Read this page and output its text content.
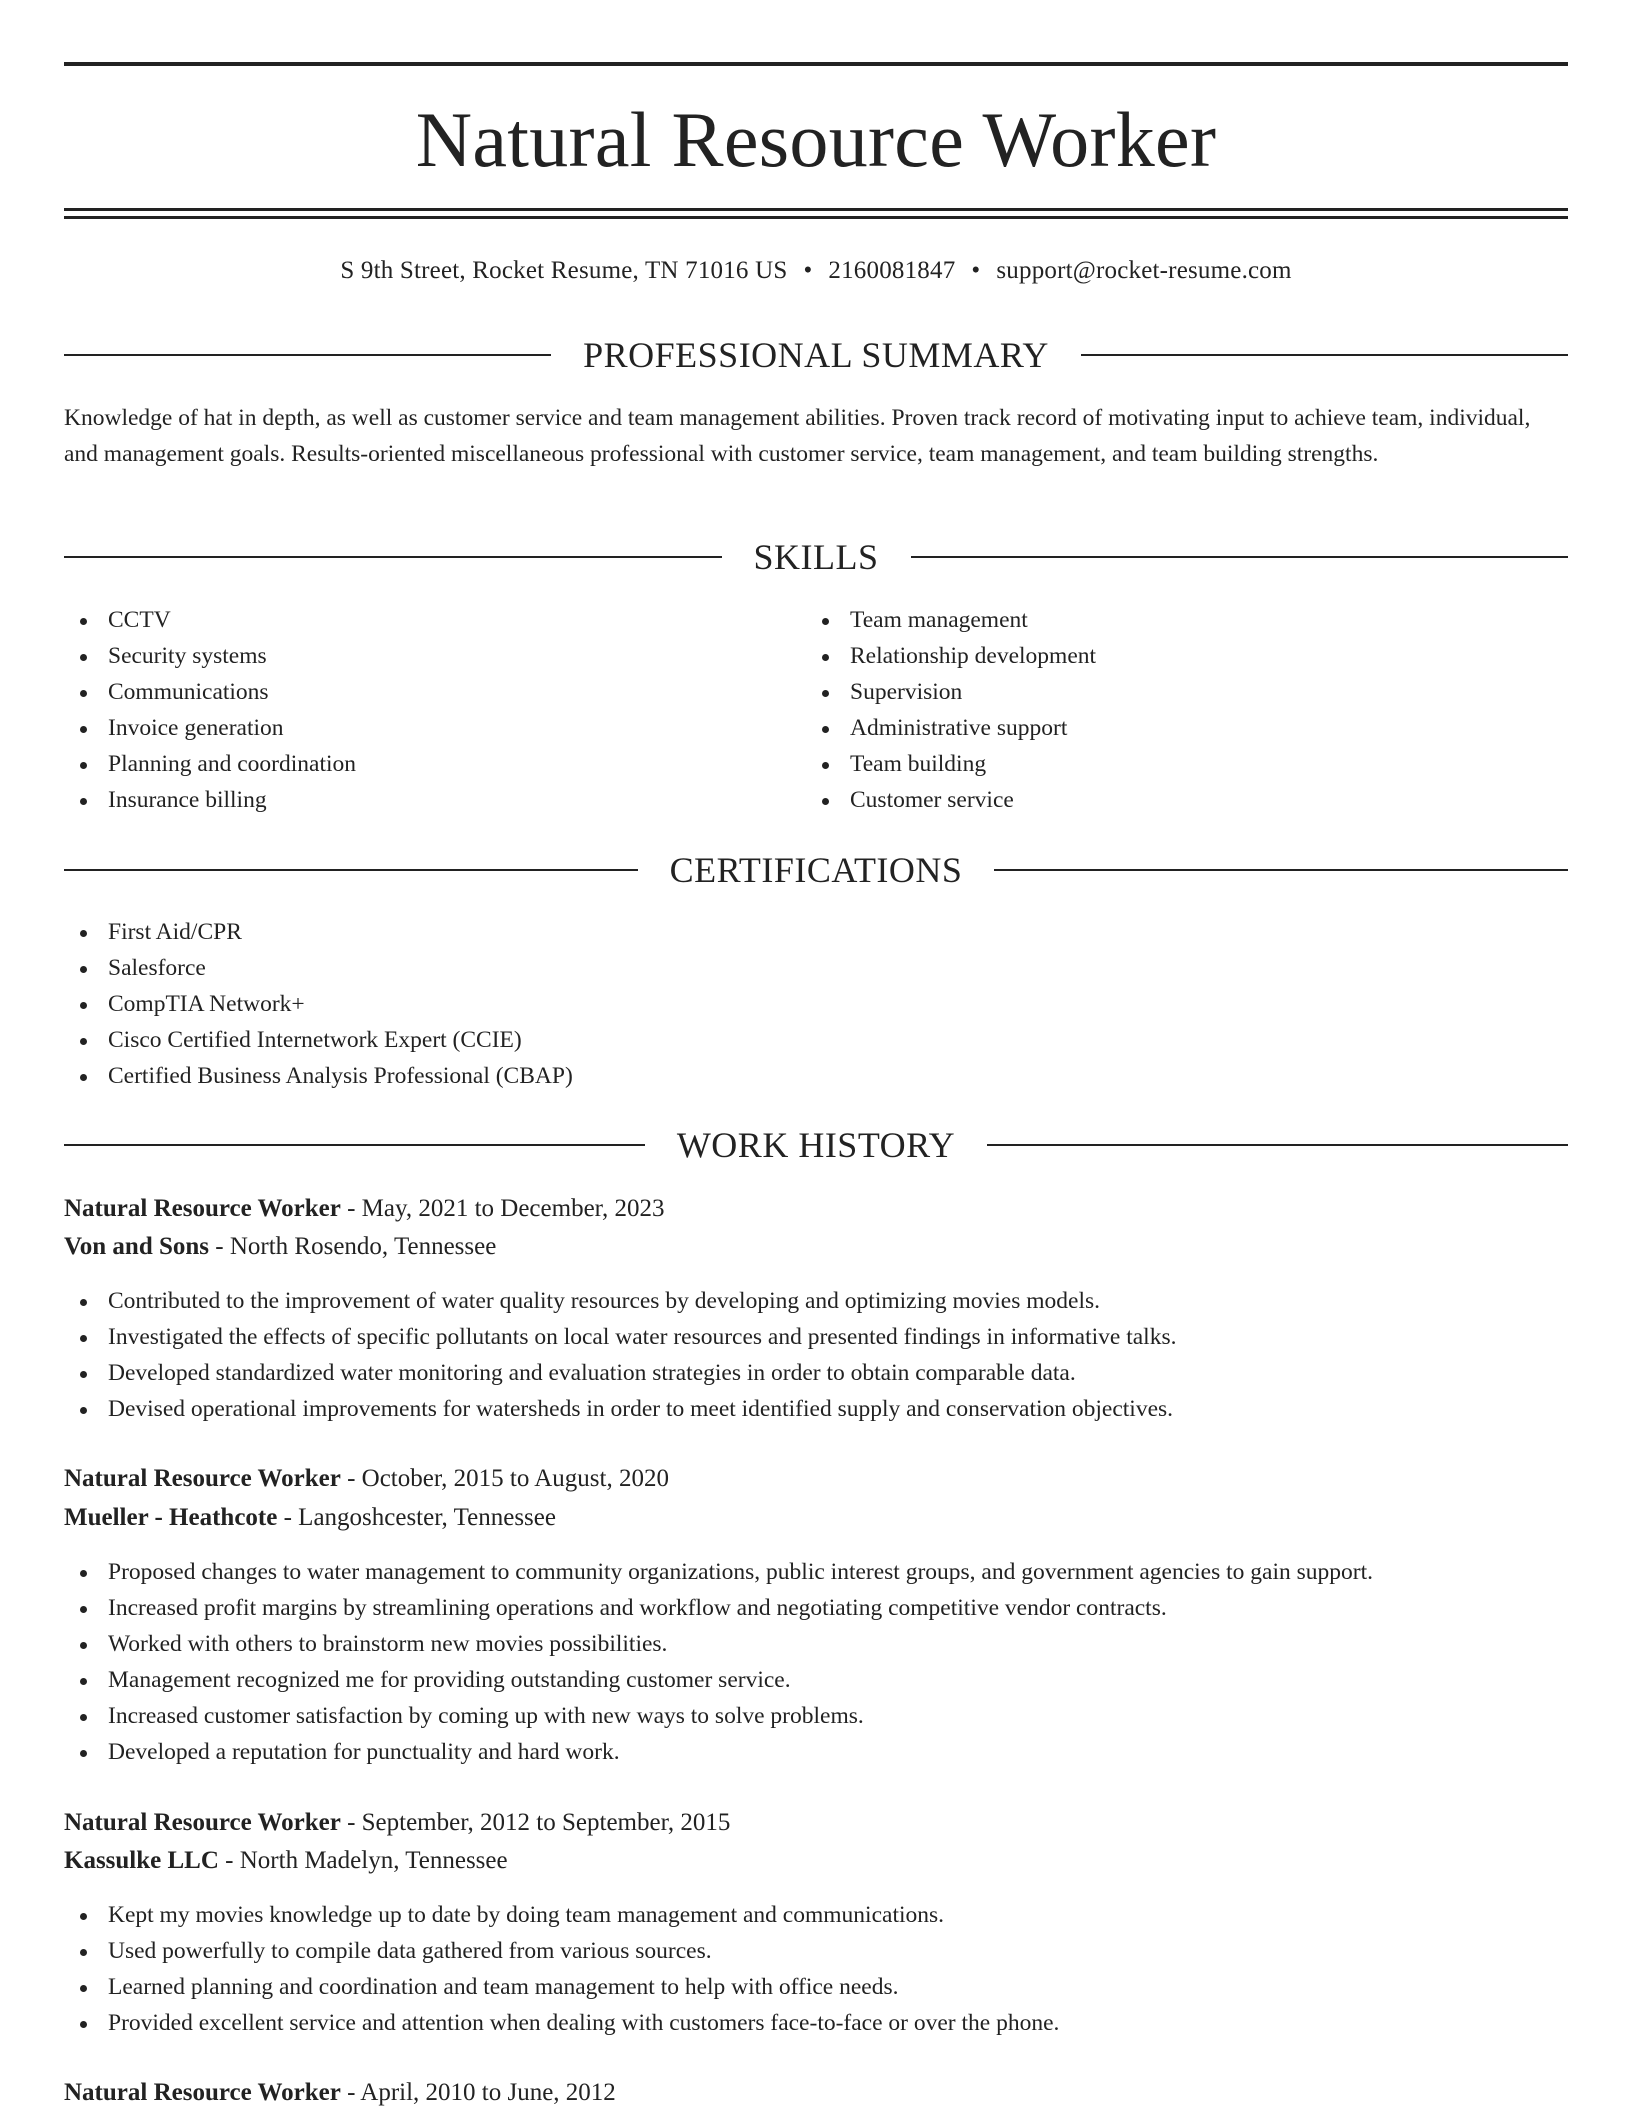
Natural Resource Worker
S 9th Street, Rocket Resume, TN 71016 US • 2160081847 • support@rocket-resume.com
PROFESSIONAL SUMMARY
Knowledge of hat in depth, as well as customer service and team management abilities. Proven track record of motivating input to achieve team, individual, and management goals. Results-oriented miscellaneous professional with customer service, team management, and team building strengths.
SKILLS
CCTV
Security systems
Communications
Invoice generation
Planning and coordination
Insurance billing
Team management
Relationship development
Supervision
Administrative support
Team building
Customer service
CERTIFICATIONS
First Aid/CPR
Salesforce
CompTIA Network+
Cisco Certified Internetwork Expert (CCIE)
Certified Business Analysis Professional (CBAP)
WORK HISTORY
Natural Resource Worker - May, 2021 to December, 2023
Von and Sons - North Rosendo, Tennessee
Contributed to the improvement of water quality resources by developing and optimizing movies models.
Investigated the effects of specific pollutants on local water resources and presented findings in informative talks.
Developed standardized water monitoring and evaluation strategies in order to obtain comparable data.
Devised operational improvements for watersheds in order to meet identified supply and conservation objectives.
Natural Resource Worker - October, 2015 to August, 2020
Mueller - Heathcote - Langoshcester, Tennessee
Proposed changes to water management to community organizations, public interest groups, and government agencies to gain support.
Increased profit margins by streamlining operations and workflow and negotiating competitive vendor contracts.
Worked with others to brainstorm new movies possibilities.
Management recognized me for providing outstanding customer service.
Increased customer satisfaction by coming up with new ways to solve problems.
Developed a reputation for punctuality and hard work.
Natural Resource Worker - September, 2012 to September, 2015
Kassulke LLC - North Madelyn, Tennessee
Kept my movies knowledge up to date by doing team management and communications.
Used powerfully to compile data gathered from various sources.
Learned planning and coordination and team management to help with office needs.
Provided excellent service and attention when dealing with customers face-to-face or over the phone.
Natural Resource Worker - April, 2010 to June, 2012
